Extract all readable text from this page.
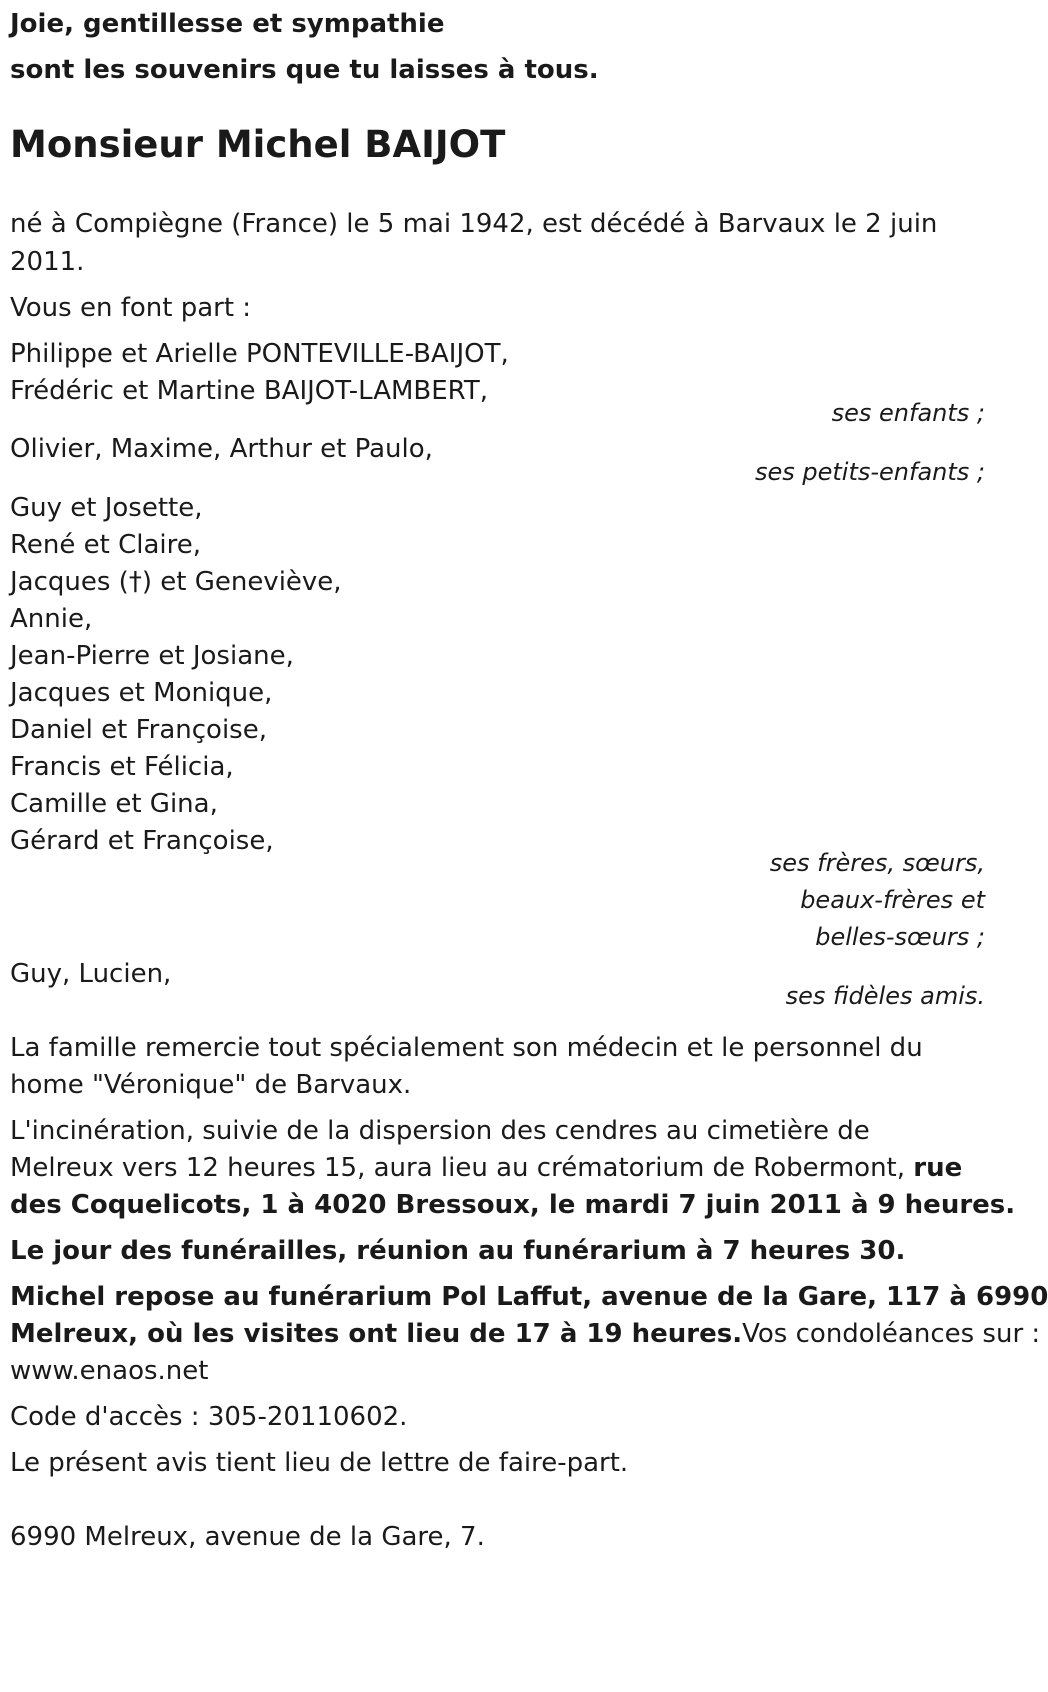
Joie, gentillesse et sympathie
sont les souvenirs que tu laisses à tous.
Monsieur Michel BAIJOT
né à Compiègne (France) le 5 mai 1942, est décédé à Barvaux le 2 juin
2011.
Vous en font part :
Philippe et Arielle PONTEVILLE-BAIJOT,
Frédéric et Martine BAIJOT-LAMBERT,
ses enfants ;
Olivier, Maxime, Arthur et Paulo,
ses petits-enfants ;
Guy et Josette,
René et Claire,
Jacques (†) et Geneviève,
Annie,
Jean-Pierre et Josiane,
Jacques et Monique,
Daniel et Françoise,
Francis et Félicia,
Camille et Gina,
Gérard et Françoise,
ses frères, sœurs,
beaux-frères et
belles-sœurs ;
Guy, Lucien,
ses fidèles amis.
La famille remercie tout spécialement son médecin et le personnel du
home "Véronique" de Barvaux.
L'incinération, suivie de la dispersion des cendres au cimetière de
Melreux vers 12 heures 15, aura lieu au crématorium de Robermont, rue
des Coquelicots, 1 à 4020 Bressoux, le mardi 7 juin 2011 à 9 heures.
Le jour des funérailles, réunion au funérarium à 7 heures 30.
Michel repose au funérarium Pol Laffut, avenue de la Gare, 117 à 6990
Melreux, où les visites ont lieu de 17 à 19 heures.Vos condoléances sur :
www.enaos.net
Code d'accès : 305-20110602.
Le présent avis tient lieu de lettre de faire-part.
6990 Melreux, avenue de la Gare, 7.
